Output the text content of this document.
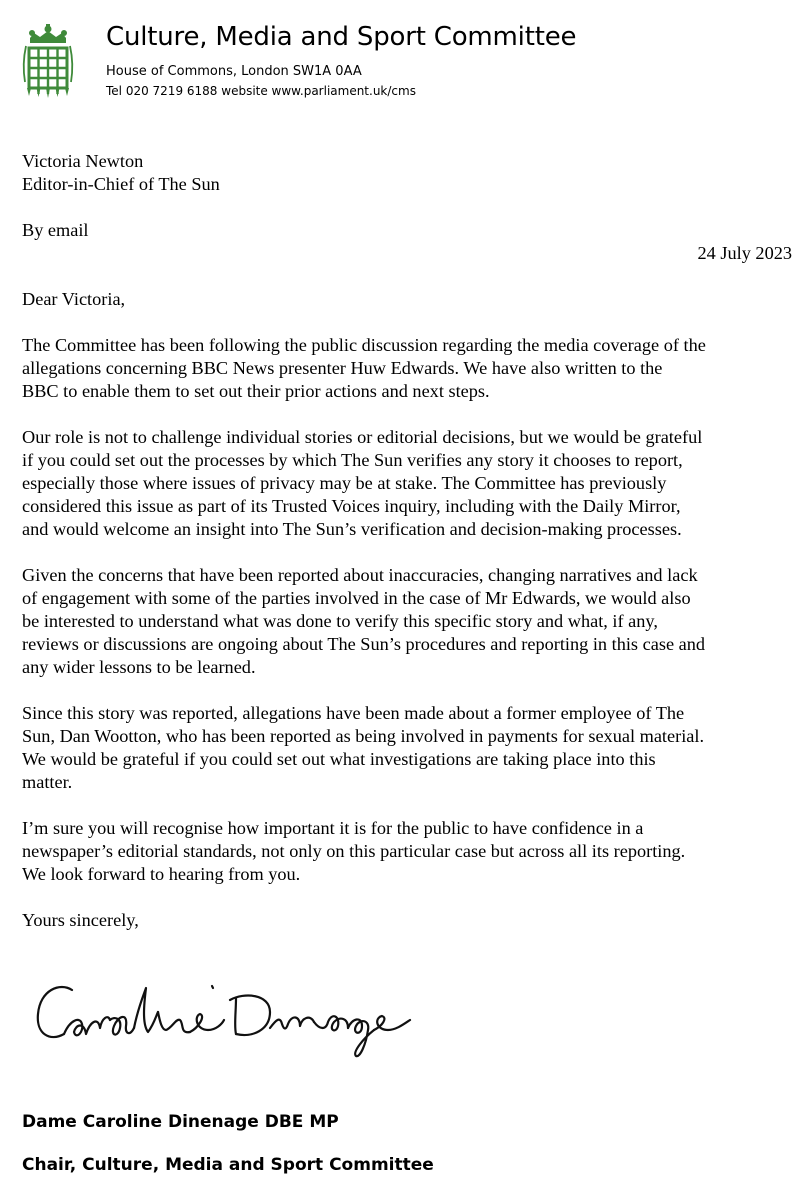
Culture, Media and Sport Committee
House of Commons, London SW1A 0AA
Tel 020 7219 6188 website www.parliament.uk/cms
Victoria Newton
Editor-in-Chief of The Sun
By email
24 July 2023
Dear Victoria,
The Committee has been following the public discussion regarding the media coverage of the
allegations concerning BBC News presenter Huw Edwards. We have also written to the
BBC to enable them to set out their prior actions and next steps.
Our role is not to challenge individual stories or editorial decisions, but we would be grateful
if you could set out the processes by which The Sun verifies any story it chooses to report,
especially those where issues of privacy may be at stake. The Committee has previously
considered this issue as part of its Trusted Voices inquiry, including with the Daily Mirror,
and would welcome an insight into The Sun’s verification and decision-making processes.
Given the concerns that have been reported about inaccuracies, changing narratives and lack
of engagement with some of the parties involved in the case of Mr Edwards, we would also
be interested to understand what was done to verify this specific story and what, if any,
reviews or discussions are ongoing about The Sun’s procedures and reporting in this case and
any wider lessons to be learned.
Since this story was reported, allegations have been made about a former employee of The
Sun, Dan Wootton, who has been reported as being involved in payments for sexual material.
We would be grateful if you could set out what investigations are taking place into this
matter.
I’m sure you will recognise how important it is for the public to have confidence in a
newspaper’s editorial standards, not only on this particular case but across all its reporting.
We look forward to hearing from you.
Yours sincerely,
Dame Caroline Dinenage DBE MP
Chair, Culture, Media and Sport Committee
